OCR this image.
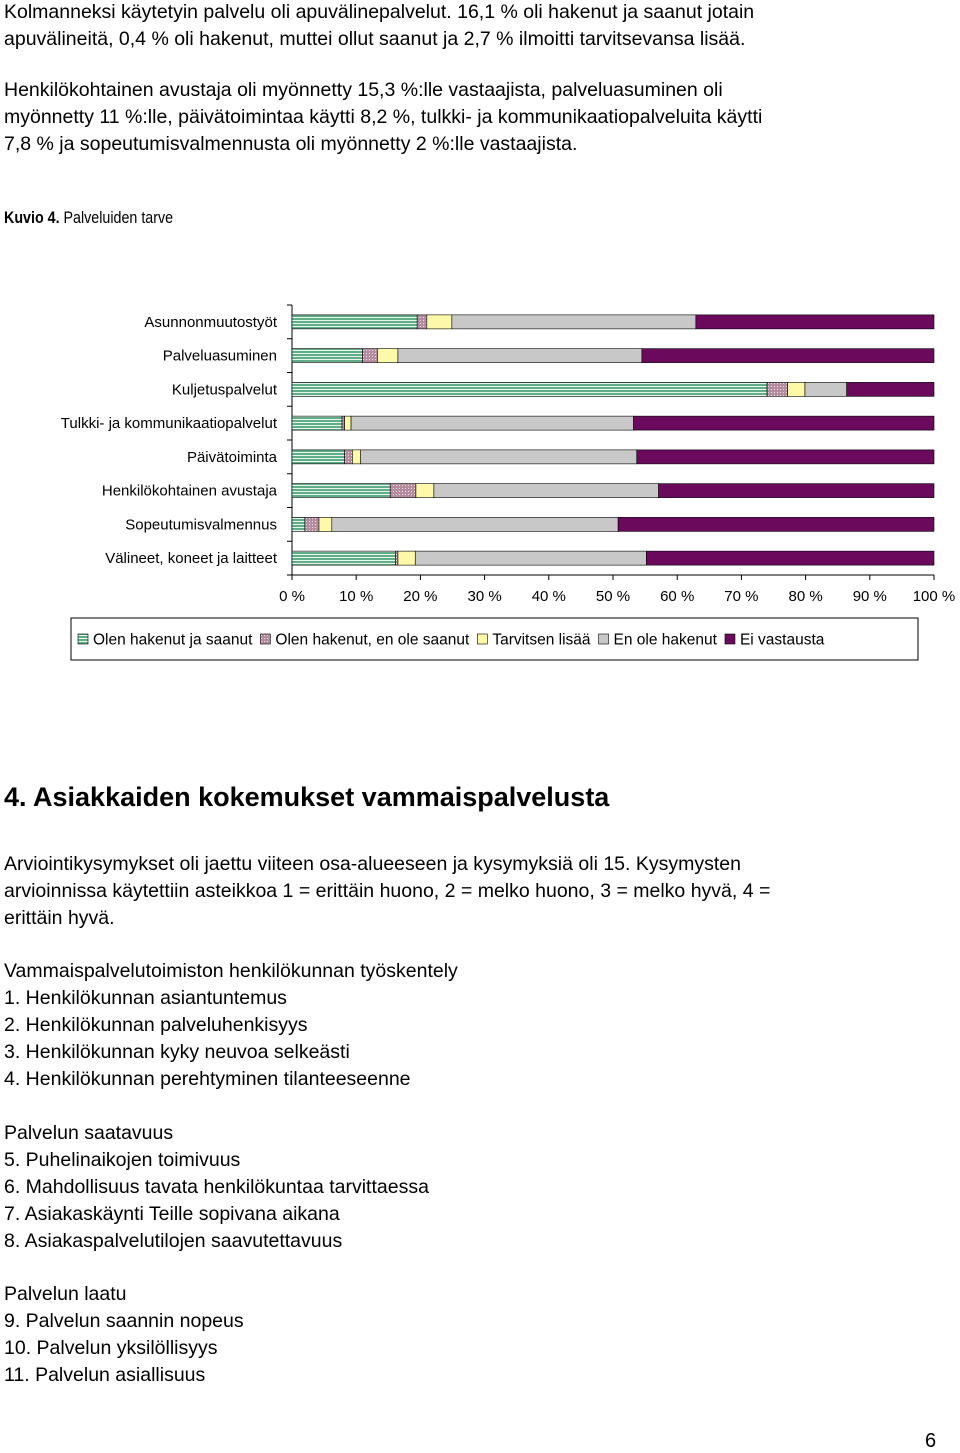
Kolmanneksi käytetyin palvelu oli apuvälinepalvelut. 16,1 % oli hakenut ja saanut jotain
apuvälineitä, 0,4 % oli hakenut, muttei ollut saanut ja 2,7 % ilmoitti tarvitsevansa lisää.
Henkilökohtainen avustaja oli myönnetty 15,3 %:lle vastaajista, palveluasuminen oli
myönnetty 11 %:lle, päivätoimintaa käytti 8,2 %, tulkki- ja kommunikaatiopalveluita käytti
7,8 % ja sopeutumisvalmennusta oli myönnetty 2 %:lle vastaajista.
Kuvio 4. Palveluiden tarve
0 % 10 % 20 % 30 % 40 % 50 % 60 % 70 % 80 % 90 % 100 %
Asunnonmuutostyöt
Palveluasuminen
Kuljetuspalvelut
Tulkki- ja kommunikaatiopalvelut
Päivätoiminta
Henkilökohtainen avustaja
Sopeutumisvalmennus
Välineet, koneet ja laitteet
Olen hakenut ja saanut Olen hakenut, en ole saanut Tarvitsen lisää En ole hakenut Ei vastausta
4. Asiakkaiden kokemukset vammaispalvelusta
Arviointikysymykset oli jaettu viiteen osa-alueeseen ja kysymyksiä oli 15. Kysymysten
arvioinnissa käytettiin asteikkoa 1 = erittäin huono, 2 = melko huono, 3 = melko hyvä, 4 =
erittäin hyvä.
Vammaispalvelutoimiston henkilökunnan työskentely
1. Henkilökunnan asiantuntemus
2. Henkilökunnan palveluhenkisyys
3. Henkilökunnan kyky neuvoa selkeästi
4. Henkilökunnan perehtyminen tilanteeseenne
Palvelun saatavuus
5. Puhelinaikojen toimivuus
6. Mahdollisuus tavata henkilökuntaa tarvittaessa
7. Asiakaskäynti Teille sopivana aikana
8. Asiakaspalvelutilojen saavutettavuus
Palvelun laatu
9. Palvelun saannin nopeus
10. Palvelun yksilöllisyys
11. Palvelun asiallisuus
6
